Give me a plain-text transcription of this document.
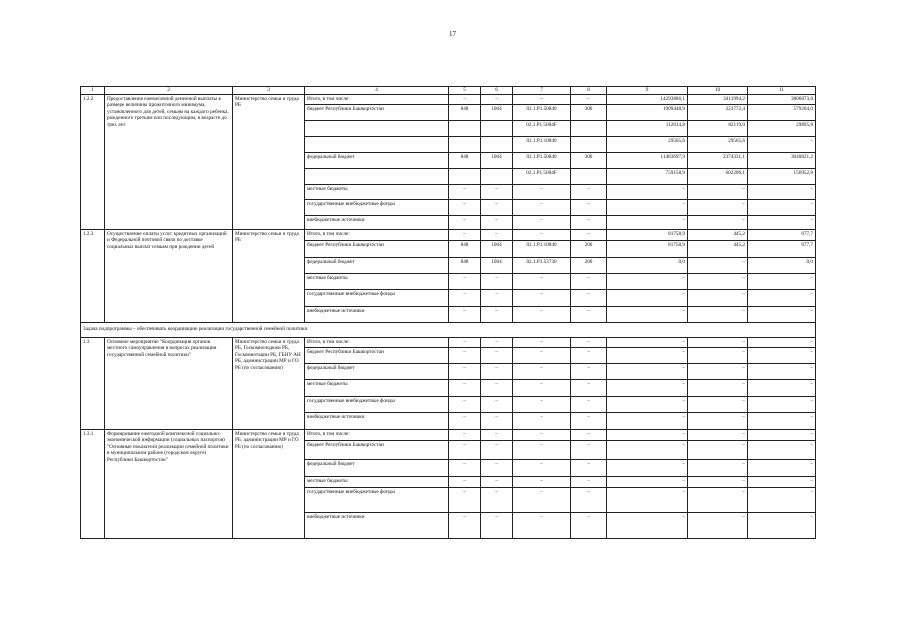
17
1	2	3	4	5	6	7	8	9	10	11
1.2.2	Предоставление ежемесячной денежной выплаты в размере величины прожиточного минимума, установленного для детей, семьям на каждого ребенка, рожденного третьим или последующим, в возрасте до трех лет	Министерство семьи и труда РБ	Итого, в том числе:	–	–	–	–	14293886,1	3411994,2	3806873,8
			бюджет Республики Башкортостан	848	1004	02.1.Р1.50840	300	1909448,9	323772,4	579204,0
						02.1.Р1.5084F		112014,8	82119,0	29895,8
						02.1.Р1.10840		29565,6	29565,6	–
			федеральный бюджет	848	1004	02.1.Р1.50840	300	11483697,9	2374331,1	3040821,2
						02.1.Р1.5084F		759158,9	602206,1	156952,8
			местные бюджеты	–	–	–	–	–	–	–
			государственные внебюджетные фонды	–	–	–	–	–	–	–
			внебюджетные источники	–	–	–	–	–	–	–
1.2.3	Осуществление оплаты услуг кредитных организаций и Федеральной почтовой связи по доставке социальных выплат семьям при рождении детей	Министерство семьи и труда РБ	Итого, в том числе:	–	–	–	–	81758,9	445,2	677,7
			бюджет Республики Башкортостан	848	1004	02.1.Р1.10840	200	81758,9	445,2	677,7
			федеральный бюджет	848	1004	02.1.Р1.53730	200	0,0	–	0,0
			местные бюджеты	–	–	–	–	–	–	–
			государственные внебюджетные фонды	–	–	–	–	–	–	–
			внебюджетные источники	–	–	–	–	–	–	–
Задача подпрограммы – обеспечивать координацию реализации государственной семейной политики										
1.3	Основное мероприятие "Координация органов местного самоуправления в вопросах реализации государственной семейной политики"	Министерство семьи и труда РБ, Госкомнолодежи РБ, Госкомнотации РБ, ГБНУ АН РБ, администрации МР и ГО РБ (по согласованию)	Итого, в том числе:	–	–	–	–	–	–	–
			бюджет Республики Башкортостан	–	–	–	–	–	–	–
			федеральный бюджет	–	–	–	–	–	–	–
			местные бюджеты	–	–	–	–	–	–	–
			государственные внебюджетные фонды	–	–	–	–	–	–	–
			внебюджетные источники	–	–	–	–	–	–	–
1.3.1	Формирование ежегодной комплексной социально-экономической информации (социальных паспортов) "Основные показатели реализации семейной политики в муниципальном районе (городском округе) Республики Башкортостан"	Министерство семьи и труда РБ, администрации МР и ГО РБ (по согласованию)	Итого, в том числе:	–	–	–	–	–	–	–
			бюджет Республики Башкортостан	–	–	–	–	–	–	–
			федеральный бюджет	–	–	–	–	–	–	–
			местные бюджеты	–	–	–	–	–	–	–
			государственные внебюджетные фонды	–	–	–	–	–	–	–
			внебюджетные источники	–	–	–	–	–	–	–
